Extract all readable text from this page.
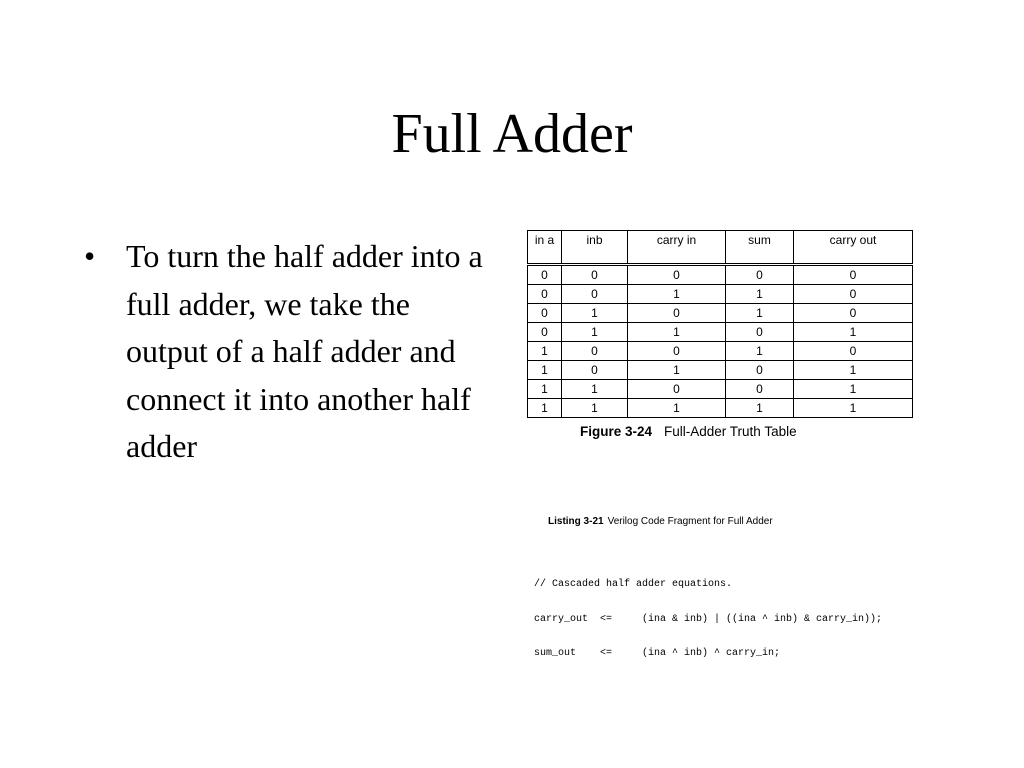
Full Adder
• To turn the half adder into a full adder, we take the output of a half adder and connect it into another half adder
in a	inb	carry in	sum	carry out
0	0	0	0	0
0	0	1	1	0
0	1	0	1	0
0	1	1	0	1
1	0	0	1	0
1	0	1	0	1
1	1	0	0	1
1	1	1	1	1
Figure 3-24 Full-Adder Truth Table
Listing 3-21 Verilog Code Fragment for Full Adder

// Cascaded half adder equations.

carry_out  <=     (ina & inb) | ((ina ^ inb) & carry_in));

sum_out    <=     (ina ^ inb) ^ carry_in;
